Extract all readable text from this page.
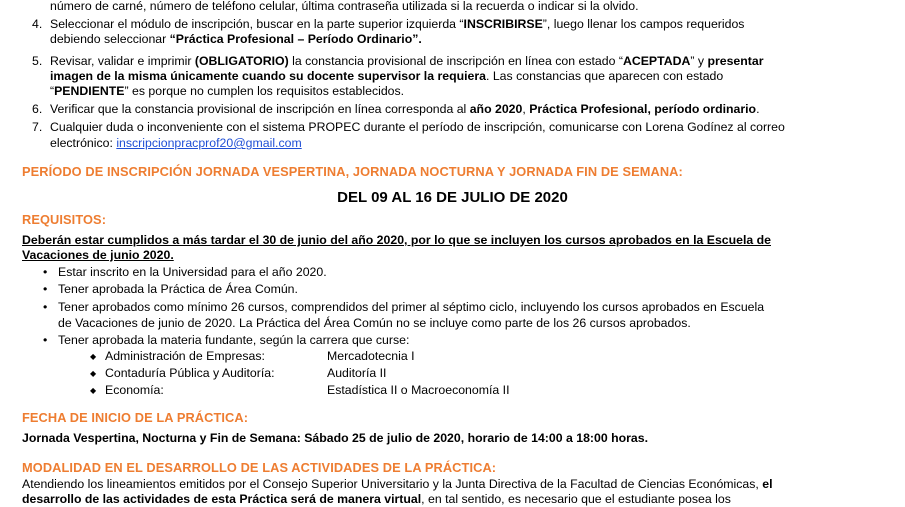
número de carné, número de teléfono celular, última contraseña utilizada si la recuerda o indicar si la olvido.
4. Seleccionar el módulo de inscripción, buscar en la parte superior izquierda “INSCRIBIRSE”, luego llenar los campos requeridos
debiendo seleccionar “Práctica Profesional – Período Ordinario”.
5. Revisar, validar e imprimir (OBLIGATORIO) la constancia provisional de inscripción en línea con estado “ACEPTADA” y presentar
imagen de la misma únicamente cuando su docente supervisor la requiera. Las constancias que aparecen con estado
“PENDIENTE” es porque no cumplen los requisitos establecidos.
6. Verificar que la constancia provisional de inscripción en línea corresponda al año 2020, Práctica Profesional, período ordinario.
7. Cualquier duda o inconveniente con el sistema PROPEC durante el período de inscripción, comunicarse con Lorena Godínez al correo
electrónico: inscripcionpracprof20@gmail.com
PERÍODO DE INSCRIPCIÓN JORNADA VESPERTINA, JORNADA NOCTURNA Y JORNADA FIN DE SEMANA:
DEL 09 AL 16 DE JULIO DE 2020
REQUISITOS:
Deberán estar cumplidos a más tardar el 30 de junio del año 2020, por lo que se incluyen los cursos aprobados en la Escuela de
Vacaciones de junio 2020.
• Estar inscrito en la Universidad para el año 2020.
• Tener aprobada la Práctica de Área Común.
• Tener aprobados como mínimo 26 cursos, comprendidos del primer al séptimo ciclo, incluyendo los cursos aprobados en Escuela
de Vacaciones de junio de 2020. La Práctica del Área Común no se incluye como parte de los 26 cursos aprobados.
• Tener aprobada la materia fundante, según la carrera que curse:
◆ Administración de Empresas:	Mercadotecnia I
◆ Contaduría Pública y Auditoría:	Auditoría II
◆ Economía:	Estadística II o Macroeconomía II
FECHA DE INICIO DE LA PRÁCTICA:
Jornada Vespertina, Nocturna y Fin de Semana: Sábado 25 de julio de 2020, horario de 14:00 a 18:00 horas.
MODALIDAD EN EL DESARROLLO DE LAS ACTIVIDADES DE LA PRÁCTICA:
Atendiendo los lineamientos emitidos por el Consejo Superior Universitario y la Junta Directiva de la Facultad de Ciencias Económicas, el
desarrollo de las actividades de esta Práctica será de manera virtual, en tal sentido, es necesario que el estudiante posea los
